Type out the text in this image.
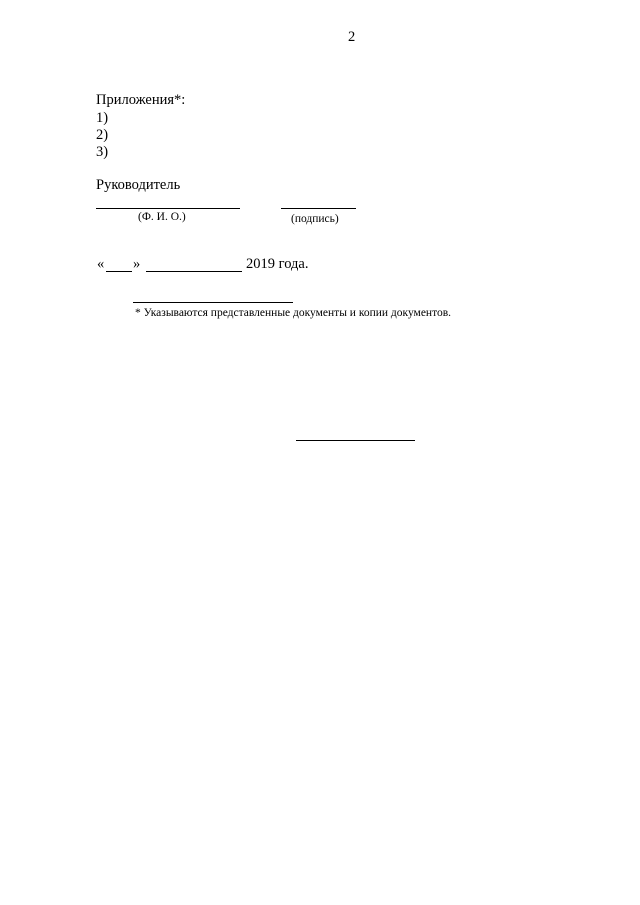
2
Приложения*:
1)
2)
3)
Руководитель
(Ф. И. О.)	(подпись)
« »	2019 года.
* Указываются представленные документы и копии документов.
